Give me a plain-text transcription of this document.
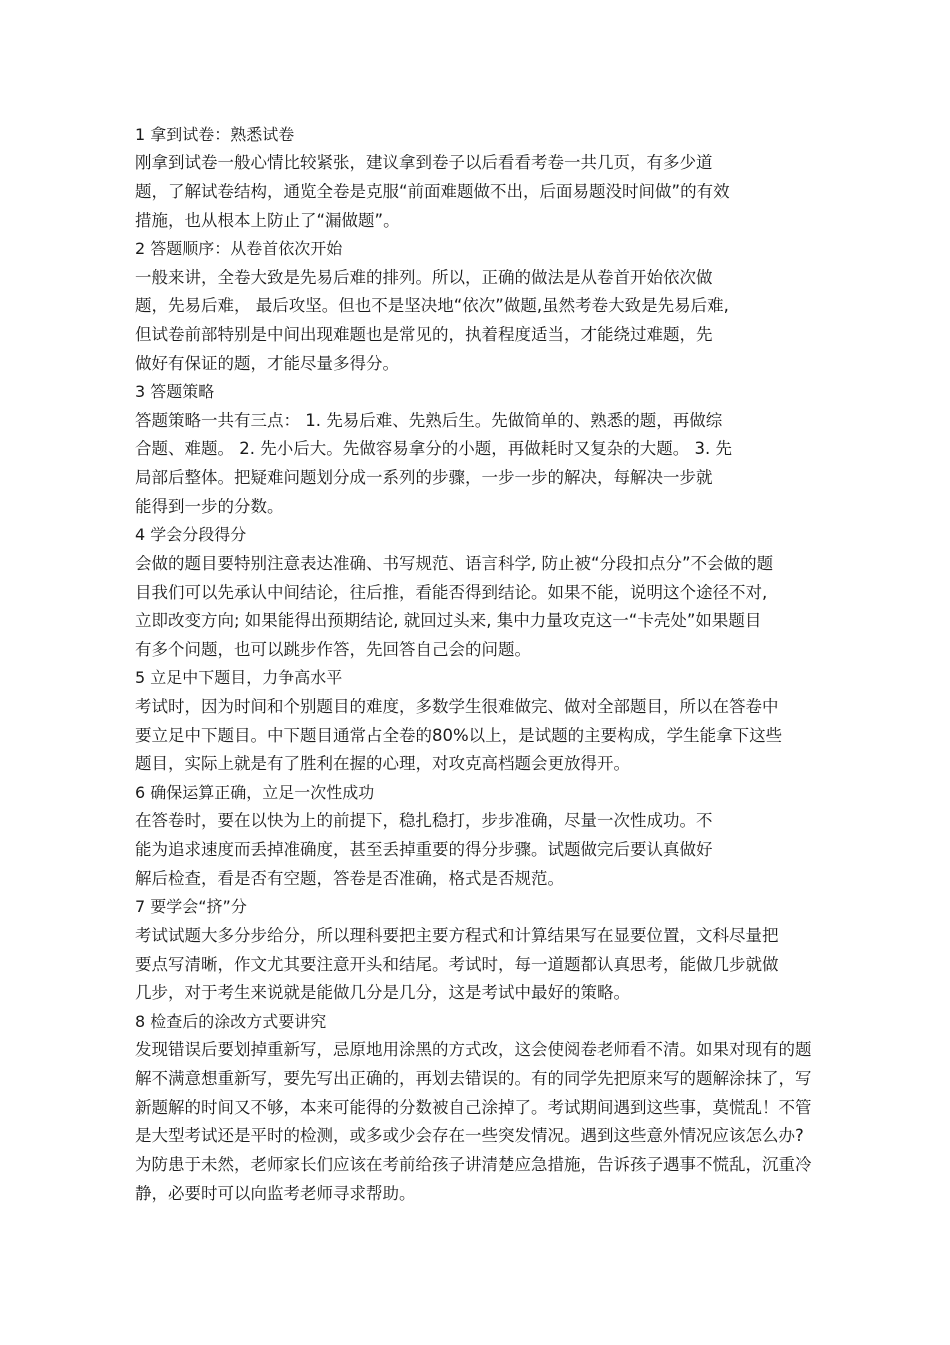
1 拿到试卷：熟悉试卷
刚拿到试卷一般心情比较紧张，建议拿到卷子以后看看考卷一共几页，有多少道
题，了解试卷结构，通览全卷是克服“前面难题做不出，后面易题没时间做”的有效
措施，也从根本上防止了“漏做题”。
2 答题顺序：从卷首依次开始
一般来讲，全卷大致是先易后难的排列。所以，正确的做法是从卷首开始依次做
题，先易后难， 最后攻坚。但也不是坚决地“依次”做题,虽然考卷大致是先易后难,
但试卷前部特别是中间出现难题也是常见的，执着程度适当，才能绕过难题，先
做好有保证的题，才能尽量多得分。
3 答题策略
答题策略一共有三点： 1. 先易后难、先熟后生。先做简单的、熟悉的题，再做综
合题、难题。 2. 先小后大。先做容易拿分的小题，再做耗时又复杂的大题。 3. 先
局部后整体。把疑难问题划分成一系列的步骤，一步一步的解决，每解决一步就
能得到一步的分数。
4 学会分段得分
会做的题目要特别注意表达准确、书写规范、语言科学, 防止被“分段扣点分”不会做的题
目我们可以先承认中间结论，往后推，看能否得到结论。如果不能，说明这个途径不对,
立即改变方向; 如果能得出预期结论, 就回过头来, 集中力量攻克这一“卡壳处”如果题目
有多个问题，也可以跳步作答，先回答自己会的问题。
5 立足中下题目，力争高水平
考试时，因为时间和个别题目的难度，多数学生很难做完、做对全部题目，所以在答卷中
要立足中下题目。中下题目通常占全卷的80%以上，是试题的主要构成，学生能拿下这些
题目，实际上就是有了胜利在握的心理，对攻克高档题会更放得开。
6 确保运算正确，立足一次性成功
在答卷时，要在以快为上的前提下，稳扎稳打，步步准确，尽量一次性成功。不
能为追求速度而丢掉准确度，甚至丢掉重要的得分步骤。试题做完后要认真做好
解后检查，看是否有空题，答卷是否准确，格式是否规范。
7 要学会“挤”分
考试试题大多分步给分，所以理科要把主要方程式和计算结果写在显要位置，文科尽量把
要点写清晰，作文尤其要注意开头和结尾。考试时，每一道题都认真思考，能做几步就做
几步，对于考生来说就是能做几分是几分，这是考试中最好的策略。
8 检查后的涂改方式要讲究
发现错误后要划掉重新写，忌原地用涂黑的方式改，这会使阅卷老师看不清。如果对现有的题
解不满意想重新写，要先写出正确的，再划去错误的。有的同学先把原来写的题解涂抹了，写
新题解的时间又不够，本来可能得的分数被自己涂掉了。考试期间遇到这些事，莫慌乱！不管
是大型考试还是平时的检测，或多或少会存在一些突发情况。遇到这些意外情况应该怎么办?
为防患于未然，老师家长们应该在考前给孩子讲清楚应急措施，告诉孩子遇事不慌乱，沉重冷
静，必要时可以向监考老师寻求帮助。
